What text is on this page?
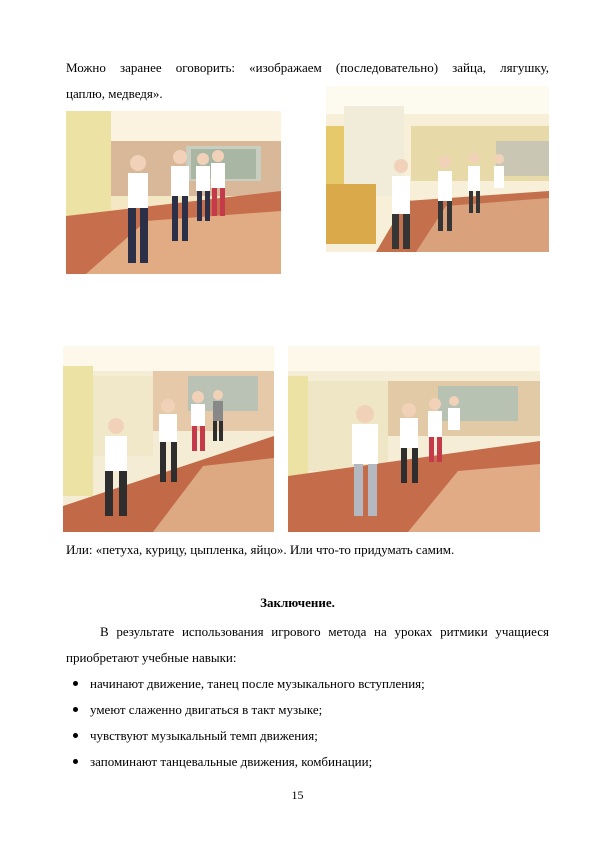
Можно заранее оговорить: «изображаем (последовательно) зайца, лягушку,
цаплю, медведя».
Или: «петуха, курицу, цыпленка, яйцо». Или что-то придумать самим.
Заключение.
В результате использования игрового метода на уроках ритмики учащиеся
приобретают учебные навыки:
начинают движение, танец после музыкального вступления;
умеют слаженно двигаться в такт музыке;
чувствуют музыкальный темп движения;
запоминают танцевальные движения, комбинации;
15
